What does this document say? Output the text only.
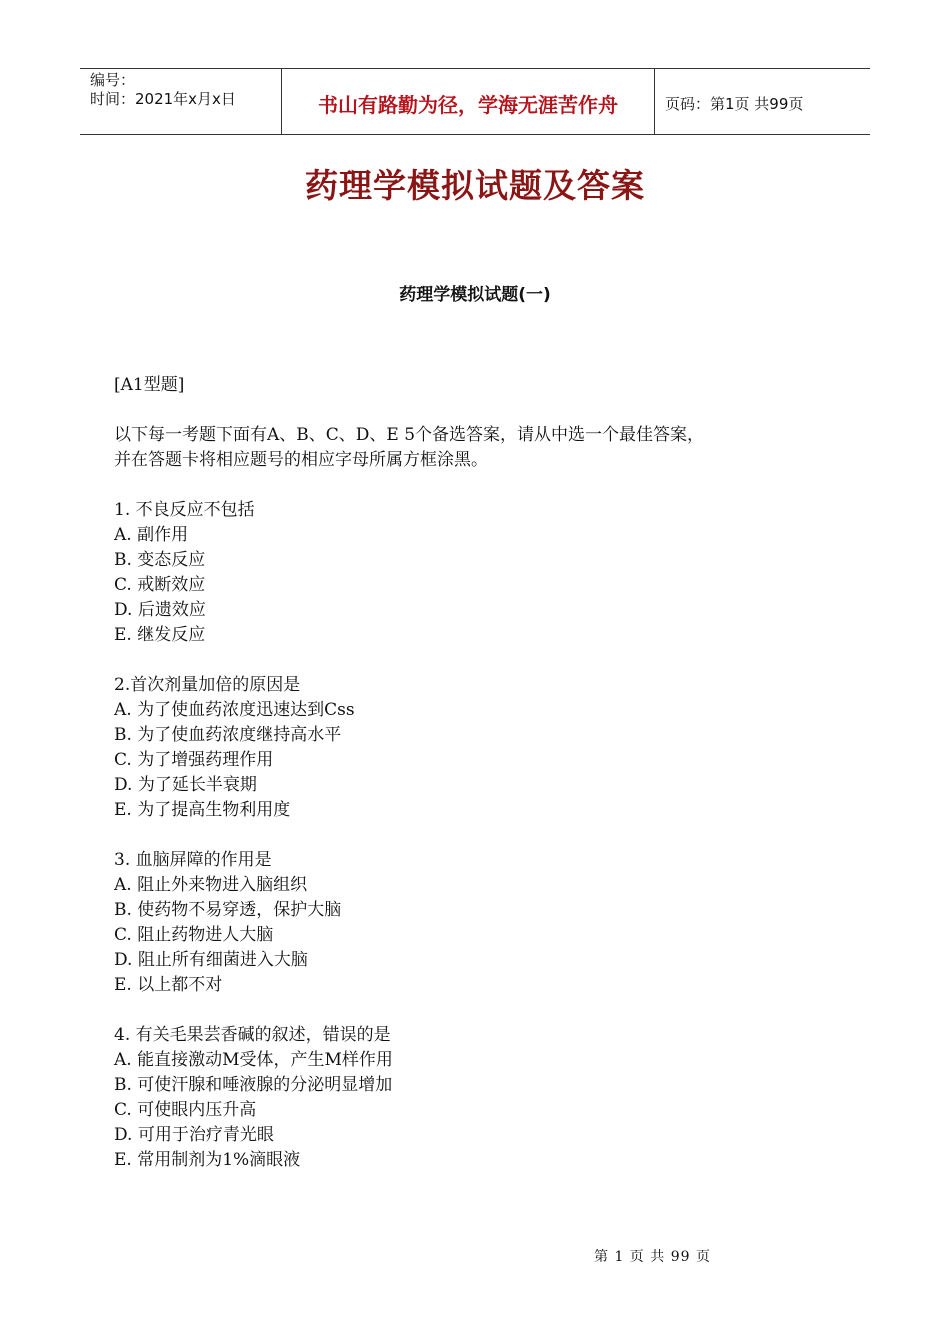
编号：
时间：2021年x月x日	书山有路勤为径，学海无涯苦作舟	页码：第1页 共99页
药理学模拟试题及答案
药理学模拟试题(一)
[A1型题]
以下每一考题下面有A、B、C、D、E 5个备选答案，请从中选一个最佳答案，
并在答题卡将相应题号的相应字母所属方框涂黑。
1. 不良反应不包括
A. 副作用
B. 变态反应
C. 戒断效应
D. 后遗效应
E. 继发反应
2.首次剂量加倍的原因是
A. 为了使血药浓度迅速达到Css
B. 为了使血药浓度继持高水平
C. 为了增强药理作用
D. 为了延长半衰期
E. 为了提高生物利用度
3. 血脑屏障的作用是
A. 阻止外来物进入脑组织
B. 使药物不易穿透，保护大脑
C. 阻止药物进人大脑
D. 阻止所有细菌进入大脑
E. 以上都不对
4. 有关毛果芸香碱的叙述，错误的是
A. 能直接激动M受体，产生M样作用
B. 可使汗腺和唾液腺的分泌明显增加
C. 可使眼内压升高
D. 可用于治疗青光眼
E. 常用制剂为1%滴眼液
第 1 页 共 99 页
